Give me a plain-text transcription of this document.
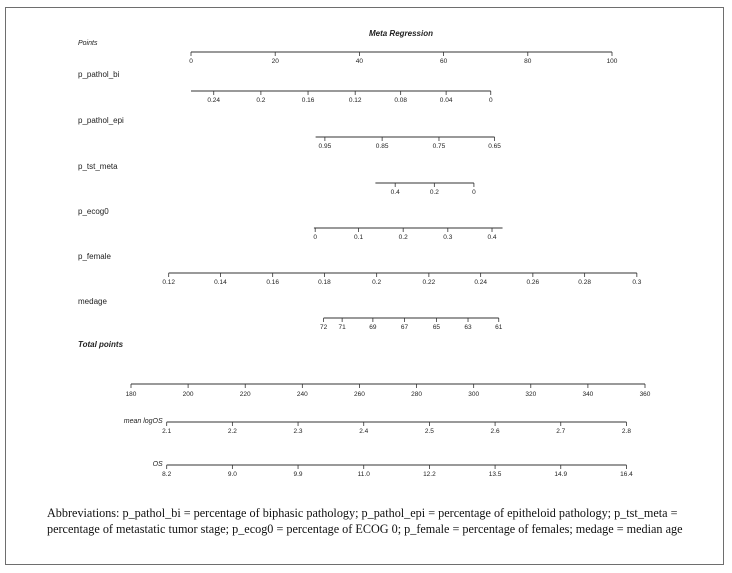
Meta Regression
Points
0	20	40	60	80	100
p_pathol_bi
0.24	0.2	0.16	0.12	0.08	0.04	0
p_pathol_epi
0.95	0.85	0.75	0.65
p_tst_meta
0.4	0.2	0
p_ecog0
0	0.1	0.2	0.3	0.4
p_female
0.12	0.14	0.16	0.18	0.2	0.22	0.24	0.26	0.28	0.3
medage
72 71	69	67	65	63	61
Total points
180	200	220	240	260	280	300	320	340	360
mean logOS
2.1	2.2	2.3	2.4	2.5	2.6	2.7	2.8
OS
8.2	9.0	9.9	11.0	12.2	13.5	14.9	16.4

Abbreviations: p_pathol_bi = percentage of biphasic pathology; p_pathol_epi = percentage of epitheloid pathology; p_tst_meta = percentage of metastatic tumor stage; p_ecog0 = percentage of ECOG 0; p_female = percentage of females; medage = median age
